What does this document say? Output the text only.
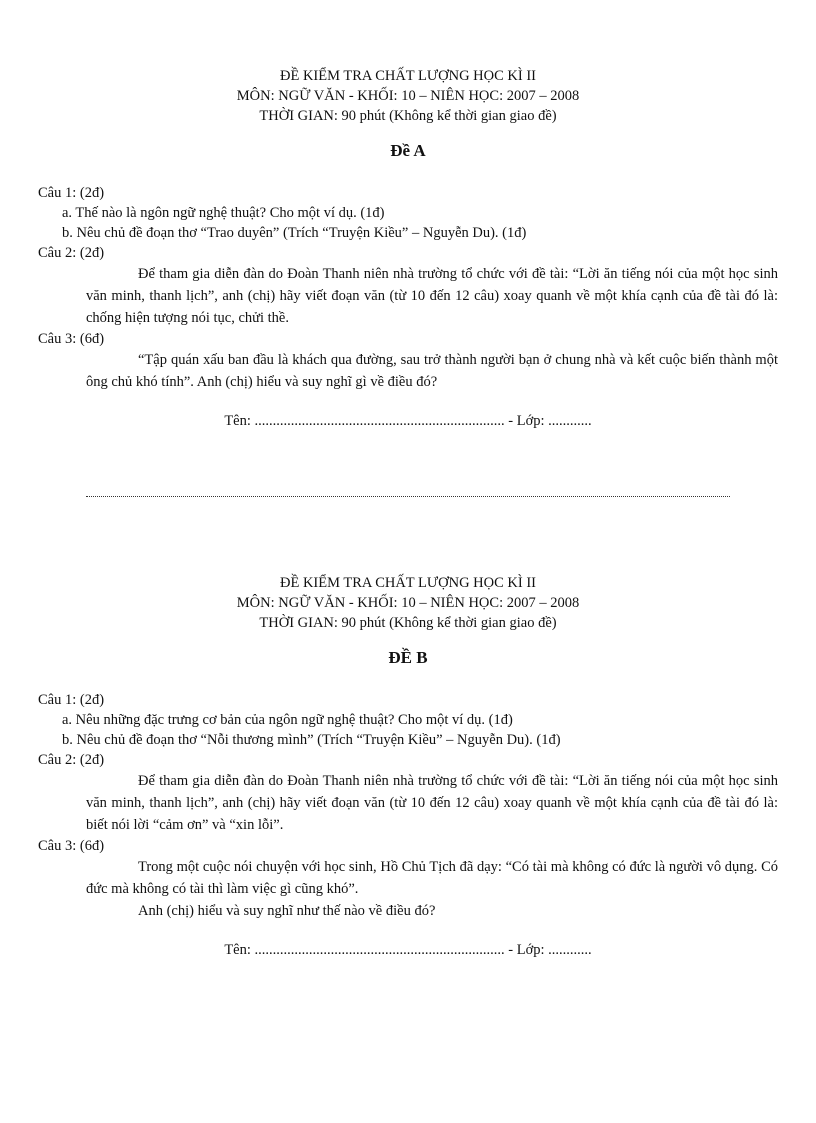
ĐỀ KIỂM TRA CHẤT LƯỢNG HỌC KÌ II

MÔN: NGỮ VĂN - KHỐI: 10 – NIÊN HỌC: 2007 – 2008

THỜI GIAN: 90 phút (Không kể thời gian giao đề)

Đề A
Câu 1: (2đ)
a. Thế nào là ngôn ngữ nghệ thuật? Cho một ví dụ. (1đ)
b. Nêu chủ đề đoạn thơ “Trao duyên” (Trích “Truyện Kiều” – Nguyễn Du). (1đ)
Câu 2: (2đ)
Để tham gia diễn đàn do Đoàn Thanh niên nhà trường tổ chức với đề tài: “Lời ăn tiếng nói của một học sinh văn minh, thanh lịch”, anh (chị) hãy viết đoạn văn (từ 10 đến 12 câu) xoay quanh về một khía cạnh của đề tài đó là: chống hiện tượng nói tục, chửi thề.
Câu 3: (6đ)
“Tập quán xấu ban đầu là khách qua đường, sau trở thành người bạn ở chung nhà và kết cuộc biến thành một ông chủ khó tính”. Anh (chị) hiểu và suy nghĩ gì về điều đó?
Tên: ..................................................................... - Lớp: ............

ĐỀ KIỂM TRA CHẤT LƯỢNG HỌC KÌ II

MÔN: NGỮ VĂN - KHỐI: 10 – NIÊN HỌC: 2007 – 2008

THỜI GIAN: 90 phút (Không kể thời gian giao đề)

ĐỀ B
Câu 1: (2đ)
a. Nêu những đặc trưng cơ bản của ngôn ngữ nghệ thuật? Cho một ví dụ. (1đ)
b. Nêu chủ đề đoạn thơ “Nỗi thương mình” (Trích “Truyện Kiều” – Nguyễn Du). (1đ)
Câu 2: (2đ)
Để tham gia diễn đàn do Đoàn Thanh niên nhà trường tổ chức với đề tài: “Lời ăn tiếng nói của một học sinh văn minh, thanh lịch”, anh (chị) hãy viết đoạn văn (từ 10 đến 12 câu) xoay quanh về một khía cạnh của đề tài đó là: biết nói lời “cảm ơn” và “xin lỗi”.
Câu 3: (6đ)
Trong một cuộc nói chuyện với học sinh, Hồ Chủ Tịch đã dạy: “Có tài mà không có đức là người vô dụng. Có đức mà không có tài thì làm việc gì cũng khó”.
Anh (chị) hiểu và suy nghĩ như thế nào về điều đó?
Tên: ..................................................................... - Lớp: ............
